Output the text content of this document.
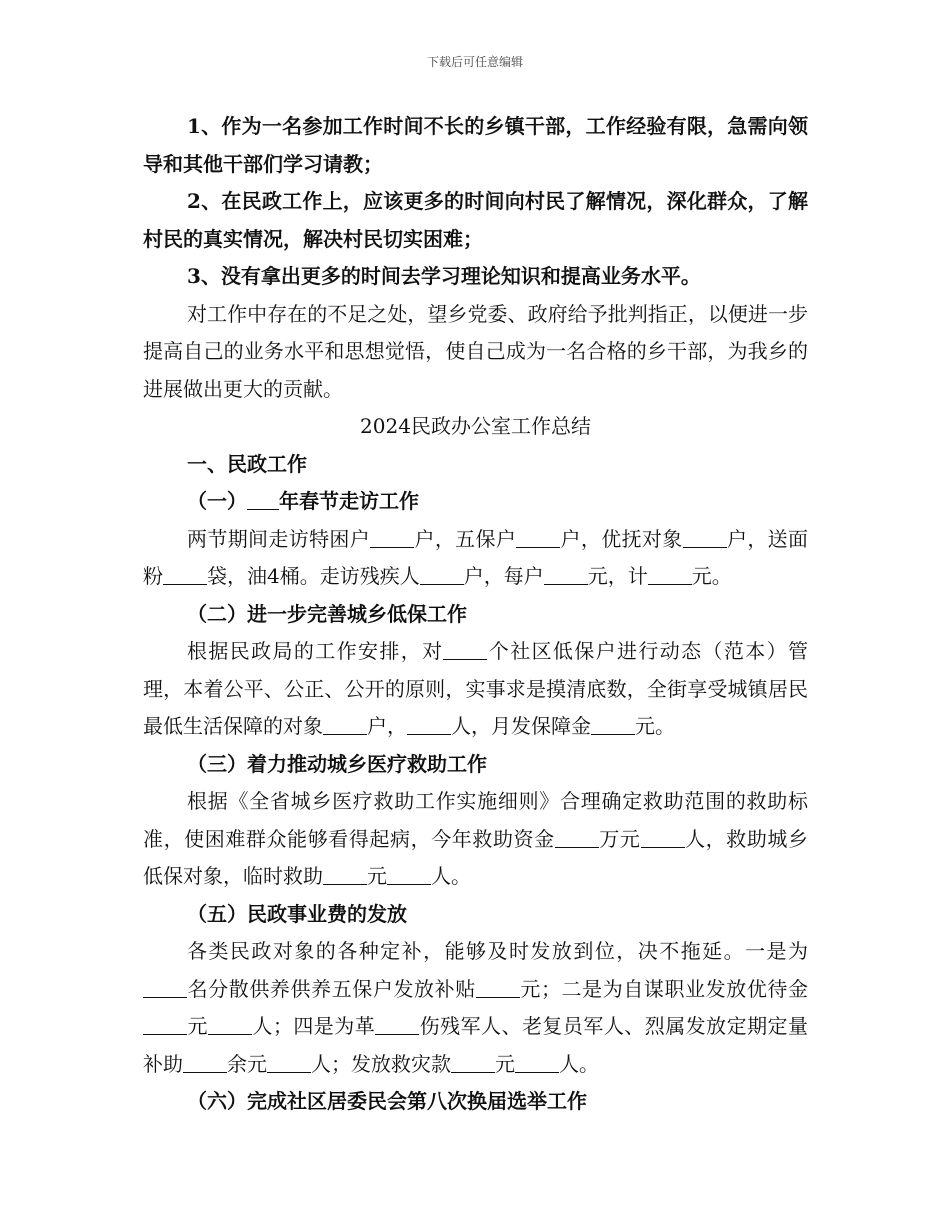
下载后可任意编辑

1、作为一名参加工作时间不长的乡镇干部，工作经验有限，急需向领导和其他干部们学习请教；

2、在民政工作上，应该更多的时间向村民了解情况，深化群众，了解村民的真实情况，解决村民切实困难；

3、没有拿出更多的时间去学习理论知识和提高业务水平。

对工作中存在的不足之处，望乡党委、政府给予批判指正，以便进一步提高自己的业务水平和思想觉悟，使自己成为一名合格的乡干部，为我乡的进展做出更大的贡献。

2024民政办公室工作总结

一、民政工作

（一） 年春节走访工作

两节期间走访特困户 户，五保户 户，优抚对象 户，送面粉 袋，油4桶。走访残疾人 户，每户 元，计 元。

（二）进一步完善城乡低保工作

根据民政局的工作安排，对 个社区低保户进行动态（范本）管理，本着公平、公正、公开的原则，实事求是摸清底数，全街享受城镇居民最低生活保障的对象 户， 人，月发保障金 元。

（三）着力推动城乡医疗救助工作

根据《全省城乡医疗救助工作实施细则》合理确定救助范围的救助标准，使困难群众能够看得起病，今年救助资金 万元 人，救助城乡低保对象，临时救助 元 人。

（五）民政事业费的发放

各类民政对象的各种定补，能够及时发放到位，决不拖延。一是为名分散供养供养五保户发放补贴 元；二是为自谋职业发放优待金元 人；四是为革 伤残军人、老复员军人、烈属发放定期定量补助 余元 人；发放救灾款 元 人。

（六）完成社区居委民会第八次换届选举工作
